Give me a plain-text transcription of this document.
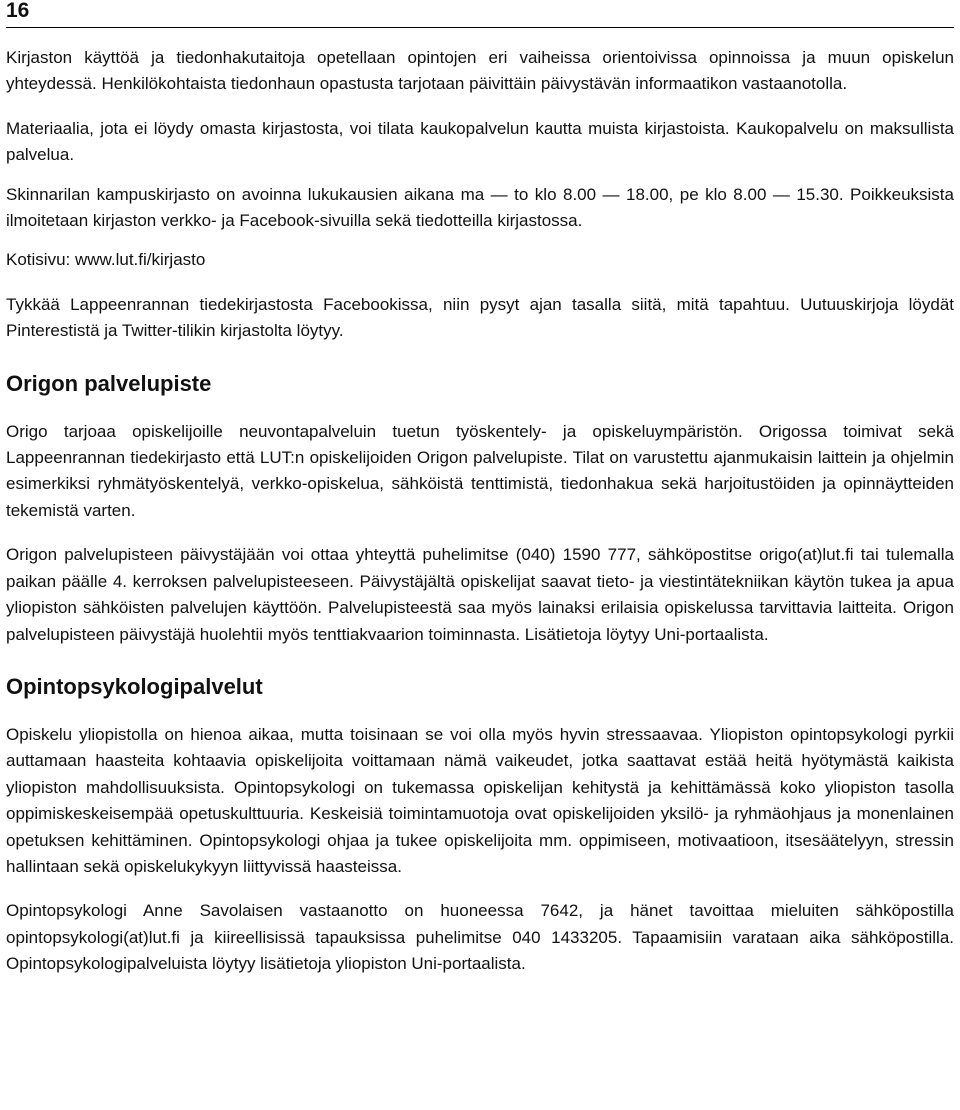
16

Kirjaston käyttöä ja tiedonhakutaitoja opetellaan opintojen eri vaiheissa orientoivissa opinnoissa ja muun opiskelun yhteydessä. Henkilökohtaista tiedonhaun opastusta tarjotaan päivittäin päivystävän informaatikon vastaanotolla.

Materiaalia, jota ei löydy omasta kirjastosta, voi tilata kaukopalvelun kautta muista kirjastoista. Kaukopalvelu on maksullista palvelua.

Skinnarilan kampuskirjasto on avoinna lukukausien aikana ma — to klo 8.00 — 18.00, pe klo 8.00 — 15.30. Poikkeuksista ilmoitetaan kirjaston verkko- ja Facebook-sivuilla sekä tiedotteilla kirjastossa.

Kotisivu: www.lut.fi/kirjasto

Tykkää Lappeenrannan tiedekirjastosta Facebookissa, niin pysyt ajan tasalla siitä, mitä tapahtuu. Uutuuskirjoja löydät Pinterestistä ja Twitter-tilikin kirjastolta löytyy.

Origon palvelupiste

Origo tarjoaa opiskelijoille neuvontapalveluin tuetun työskentely- ja opiskeluympäristön. Origossa toimivat sekä Lappeenrannan tiedekirjasto että LUT:n opiskelijoiden Origon palvelupiste. Tilat on varustettu ajanmukaisin laittein ja ohjelmin esimerkiksi ryhmätyöskentelyä, verkko-opiskelua, sähköistä tenttimistä, tiedonhakua sekä harjoitustöiden ja opinnäytteiden tekemistä varten.

Origon palvelupisteen päivystäjään voi ottaa yhteyttä puhelimitse (040) 1590 777, sähköpostitse origo(at)lut.fi tai tulemalla paikan päälle 4. kerroksen palvelupisteeseen. Päivystäjältä opiskelijat saavat tieto- ja viestintätekniikan käytön tukea ja apua yliopiston sähköisten palvelujen käyttöön. Palvelupisteestä saa myös lainaksi erilaisia opiskelussa tarvittavia laitteita. Origon palvelupisteen päivystäjä huolehtii myös tenttiakvaarion toiminnasta. Lisätietoja löytyy Uni-portaalista.

Opintopsykologipalvelut

Opiskelu yliopistolla on hienoa aikaa, mutta toisinaan se voi olla myös hyvin stressaavaa. Yliopiston opintopsykologi pyrkii auttamaan haasteita kohtaavia opiskelijoita voittamaan nämä vaikeudet, jotka saattavat estää heitä hyötymästä kaikista yliopiston mahdollisuuksista. Opintopsykologi on tukemassa opiskelijan kehitystä ja kehittämässä koko yliopiston tasolla oppimiskeskeisempää opetuskulttuuria. Keskeisiä toimintamuotoja ovat opiskelijoiden yksilö- ja ryhmäohjaus ja monenlainen opetuksen kehittäminen. Opintopsykologi ohjaa ja tukee opiskelijoita mm. oppimiseen, motivaatioon, itsesäätelyyn, stressin hallintaan sekä opiskelukykyyn liittyvissä haasteissa.

Opintopsykologi Anne Savolaisen vastaanotto on huoneessa 7642, ja hänet tavoittaa mieluiten sähköpostilla opintopsykologi(at)lut.fi ja kiireellisissä tapauksissa puhelimitse 040 1433205. Tapaamisiin varataan aika sähköpostilla. Opintopsykologipalveluista löytyy lisätietoja yliopiston Uni-portaalista.
